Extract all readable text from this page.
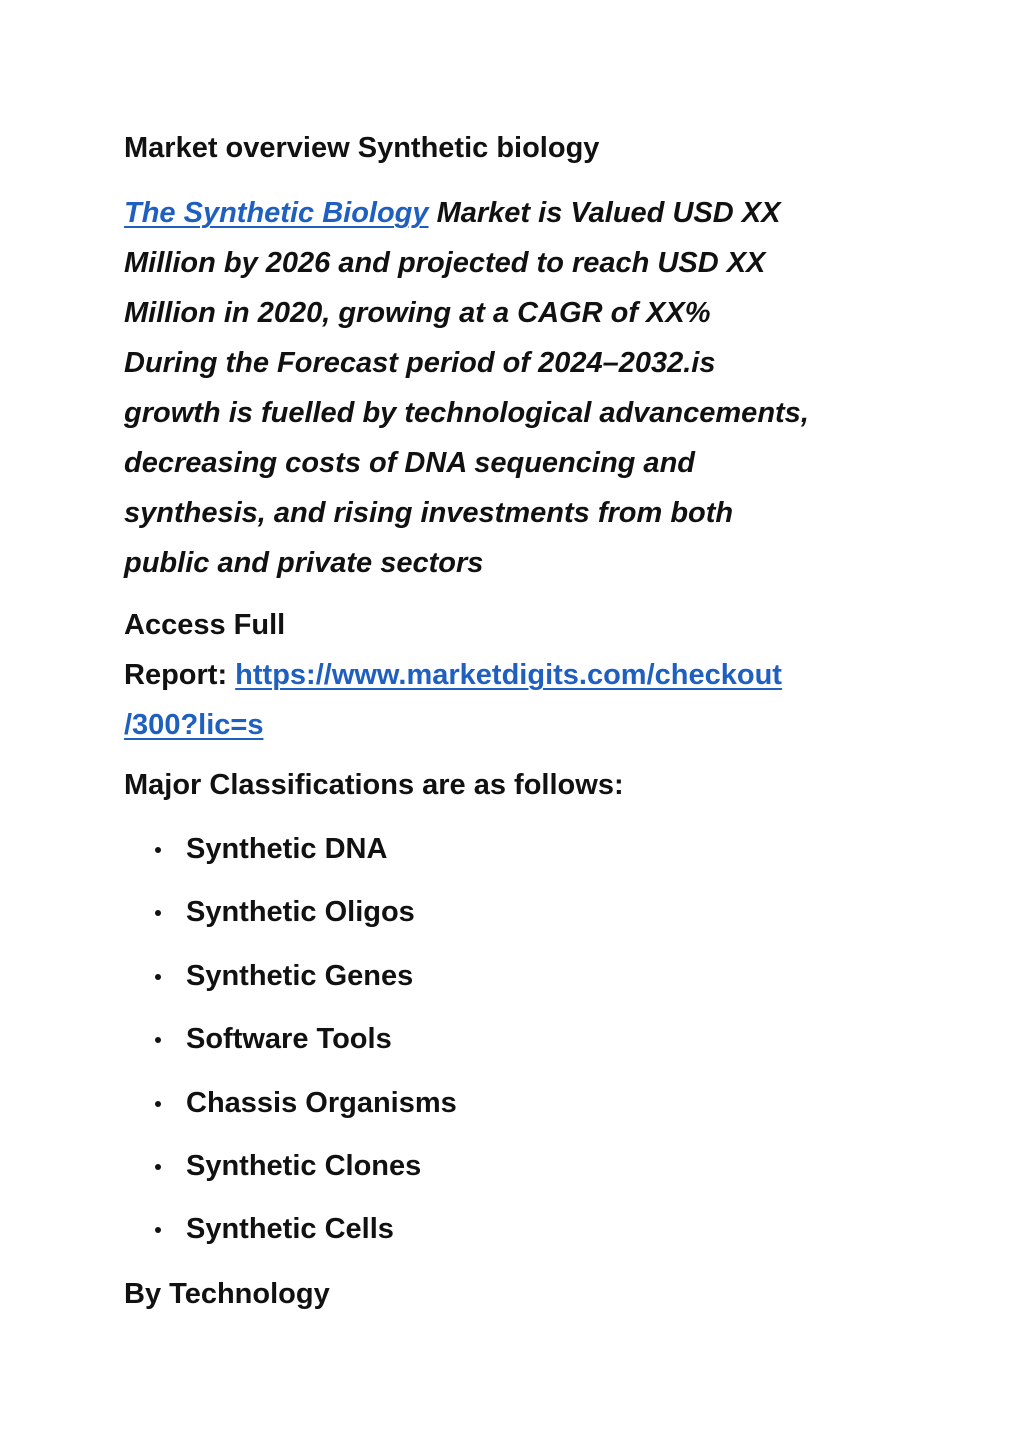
Market overview Synthetic biology
The Synthetic Biology Market is Valued USD XX
Million by 2026 and projected to reach USD XX
Million in 2020, growing at a CAGR of XX%
During the Forecast period of 2024–2032.is
growth is fuelled by technological advancements,
decreasing costs of DNA sequencing and
synthesis, and rising investments from both
public and private sectors
Access Full
Report: https://www.marketdigits.com/checkout
/300?lic=s
Major Classifications are as follows:
Synthetic DNA
Synthetic Oligos
Synthetic Genes
Software Tools
Chassis Organisms
Synthetic Clones
Synthetic Cells
By Technology
